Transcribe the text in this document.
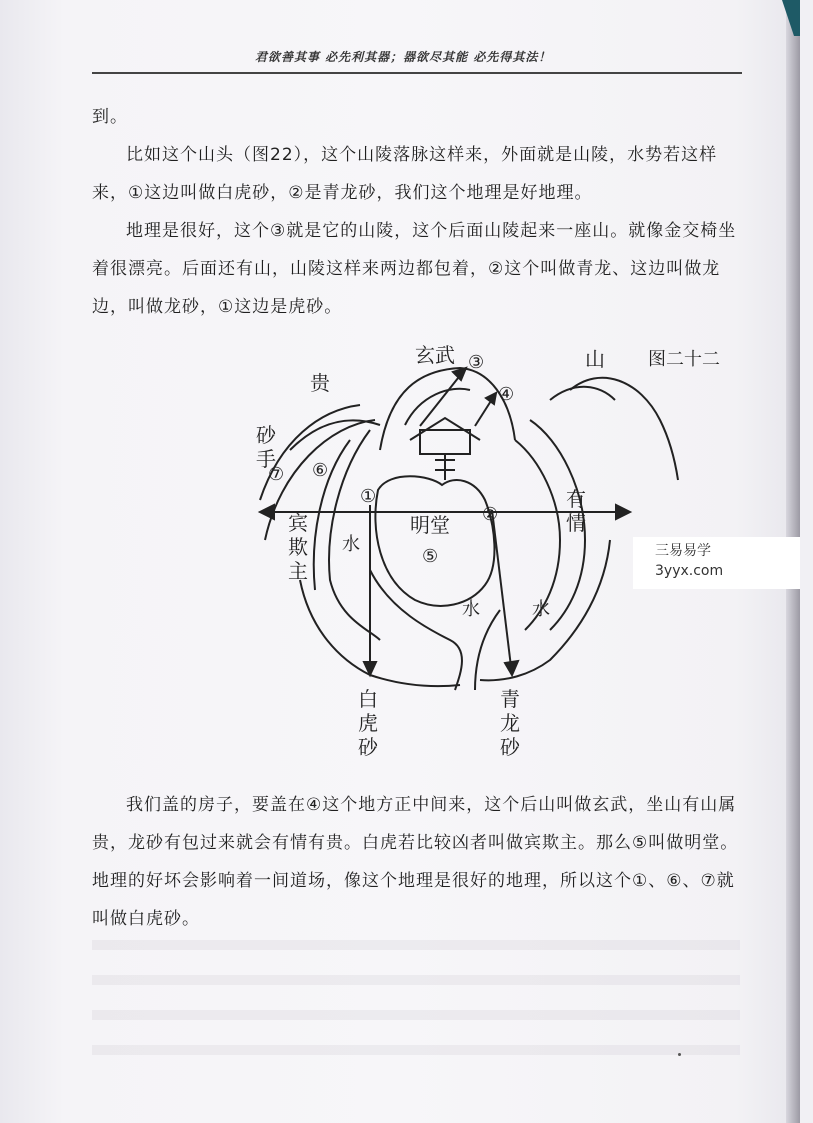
君欲善其事 必先利其器；器欲尽其能 必先得其法！

到。

比如这个山头（图22），这个山陵落脉这样来，外面就是山陵，水势若这样来，①这边叫做白虎砂，②是青龙砂，我们这个地理是好地理。

地理是很好，这个③就是它的山陵，这个后面山陵起来一座山。就像金交椅坐着很漂亮。后面还有山，山陵这样来两边都包着，②这个叫做青龙、这边叫做龙边，叫做龙砂，①这边是虎砂。

图二十二
玄武 ③
④
山
贵
砂
手
⑦ ⑥
①
②
明堂
⑤
宾
欺
主
水
水	水
有
情
白
虎
砂
青
龙
砂
三易易学
3yyx.com

我们盖的房子，要盖在④这个地方正中间来，这个后山叫做玄武，坐山有山属贵，龙砂有包过来就会有情有贵。白虎若比较凶者叫做宾欺主。那么⑤叫做明堂。地理的好坏会影响着一间道场，像这个地理是很好的地理，所以这个①、⑥、⑦就叫做白虎砂。
